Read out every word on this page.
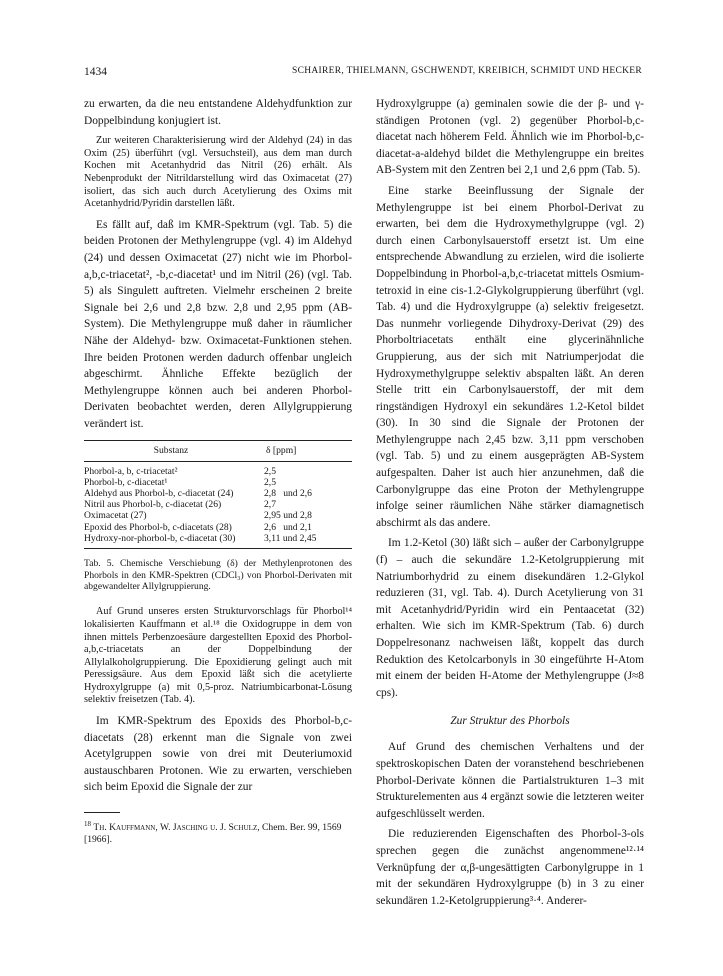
1434	SCHAIRER, THIELMANN, GSCHWENDT, KREIBICH, SCHMIDT UND HECKER

zu erwarten, da die neu entstandene Aldehydfunktion zur Doppelbindung konjugiert ist.

Zur weiteren Charakterisierung wird der Aldehyd (24) in das Oxim (25) überführt (vgl. Versuchsteil), aus dem man durch Kochen mit Acetanhydrid das Nitril (26) erhält. Als Nebenprodukt der Nitrildarstellung wird das Oximacetat (27) isoliert, das sich auch durch Acetylierung des Oxims mit Acetanhydrid/Pyridin darstellen läßt.

Es fällt auf, daß im KMR-Spektrum (vgl. Tab. 5) die beiden Protonen der Methylengruppe (vgl. 4) im Aldehyd (24) und dessen Oximacetat (27) nicht wie im Phorbol-a,b,c-triacetat², -b,c-diacetat¹ und im Nitril (26) (vgl. Tab. 5) als Singulett auftreten. Vielmehr erscheinen 2 breite Signale bei 2,6 und 2,8 bzw. 2,8 und 2,95 ppm (AB-System). Die Methylengruppe muß daher in räumlicher Nähe der Aldehyd- bzw. Oximacetat-Funktionen stehen. Ihre beiden Protonen werden dadurch offenbar ungleich abgeschirmt. Ähnliche Effekte bezüglich der Methylengruppe können auch bei anderen Phorbol-Derivaten beobachtet werden, deren Allylgruppierung verändert ist.

Substanz	δ [ppm]
Phorbol-a, b, c-triacetat²	2,5
Phorbol-b, c-diacetat¹	2,5
Aldehyd aus Phorbol-b, c-diacetat (24)	2,8   und 2,6
Nitril aus Phorbol-b, c-diacetat (26)	2,7
Oximacetat (27)	2,95 und 2,8
Epoxid des Phorbol-b, c-diacetats (28)	2,6   und 2,1
Hydroxy-nor-phorbol-b, c-diacetat (30)	3,11 und 2,45

Tab. 5. Chemische Verschiebung (δ) der Methylenprotonen des Phorbols in den KMR-Spektren (CDCl₃) von Phorbol-Derivaten mit abgewandelter Allylgruppierung.

Auf Grund unseres ersten Strukturvorschlags für Phorbol¹⁴ lokalisierten Kauffmann et al.¹⁸ die Oxidogruppe in dem von ihnen mittels Perbenzoesäure dargestellten Epoxid des Phorbol-a,b,c-triacetats an der Doppelbindung der Allylalkoholgruppierung. Die Epoxidierung gelingt auch mit Peressigsäure. Aus dem Epoxid läßt sich die acetylierte Hydroxylgruppe (a) mit 0,5-proz. Natriumbicarbonat-Lösung selektiv freisetzen (Tab. 4).

Im KMR-Spektrum des Epoxids des Phorbol-b,c-diacetats (28) erkennt man die Signale von zwei Acetylgruppen sowie von drei mit Deuteriumoxid austauschbaren Protonen. Wie zu erwarten, verschieben sich beim Epoxid die Signale der zur

$^{18}$ Th. Kauffmann, W. Jasching u. J. Schulz, Chem. Ber. 99, 1569 [1966].

Hydroxylgruppe (a) geminalen sowie die der β- und γ-ständigen Protonen (vgl. 2) gegenüber Phorbol-b,c-diacetat nach höherem Feld. Ähnlich wie im Phorbol-b,c-diacetat-a-aldehyd bildet die Methylengruppe ein breites AB-System mit den Zentren bei 2,1 und 2,6 ppm (Tab. 5).

Eine starke Beeinflussung der Signale der Methylengruppe ist bei einem Phorbol-Derivat zu erwarten, bei dem die Hydroxymethylgruppe (vgl. 2) durch einen Carbonylsauerstoff ersetzt ist. Um eine entsprechende Abwandlung zu erzielen, wird die isolierte Doppelbindung in Phorbol-a,b,c-triacetat mittels Osmium-tetroxid in eine cis-1.2-Glykolgruppierung überführt (vgl. Tab. 4) und die Hydroxylgruppe (a) selektiv freigesetzt. Das nunmehr vorliegende Dihydroxy-Derivat (29) des Phorboltriacetats enthält eine glycerinähnliche Gruppierung, aus der sich mit Natriumperjodat die Hydroxymethylgruppe selektiv abspalten läßt. An deren Stelle tritt ein Carbonylsauerstoff, der mit dem ringständigen Hydroxyl ein sekundäres 1.2-Ketol bildet (30). In 30 sind die Signale der Protonen der Methylengruppe nach 2,45 bzw. 3,11 ppm verschoben (vgl. Tab. 5) und zu einem ausgeprägten AB-System aufgespalten. Daher ist auch hier anzunehmen, daß die Carbonylgruppe das eine Proton der Methylengruppe infolge seiner räumlichen Nähe stärker diamagnetisch abschirmt als das andere.

Im 1.2-Ketol (30) läßt sich – außer der Carbonylgruppe (f) – auch die sekundäre 1.2-Ketolgruppierung mit Natriumborhydrid zu einem disekundären 1.2-Glykol reduzieren (31, vgl. Tab. 4). Durch Acetylierung von 31 mit Acetanhydrid/Pyridin wird ein Pentaacetat (32) erhalten. Wie sich im KMR-Spektrum (Tab. 6) durch Doppelresonanz nachweisen läßt, koppelt das durch Reduktion des Ketolcarbonyls in 30 eingeführte H-Atom mit einem der beiden H-Atome der Methylengruppe (J≈8 cps).

Zur Struktur des Phorbols

Auf Grund des chemischen Verhaltens und der spektroskopischen Daten der voranstehend beschriebenen Phorbol-Derivate können die Partialstrukturen 1–3 mit Strukturelementen aus 4 ergänzt sowie die letzteren weiter aufgeschlüsselt werden.

Die reduzierenden Eigenschaften des Phorbol-3-ols sprechen gegen die zunächst angenommene¹²·¹⁴ Verknüpfung der α,β-ungesättigten Carbonylgruppe in 1 mit der sekundären Hydroxylgruppe (b) in 3 zu einer sekundären 1.2-Ketolgruppierung³·⁴. Anderer-
